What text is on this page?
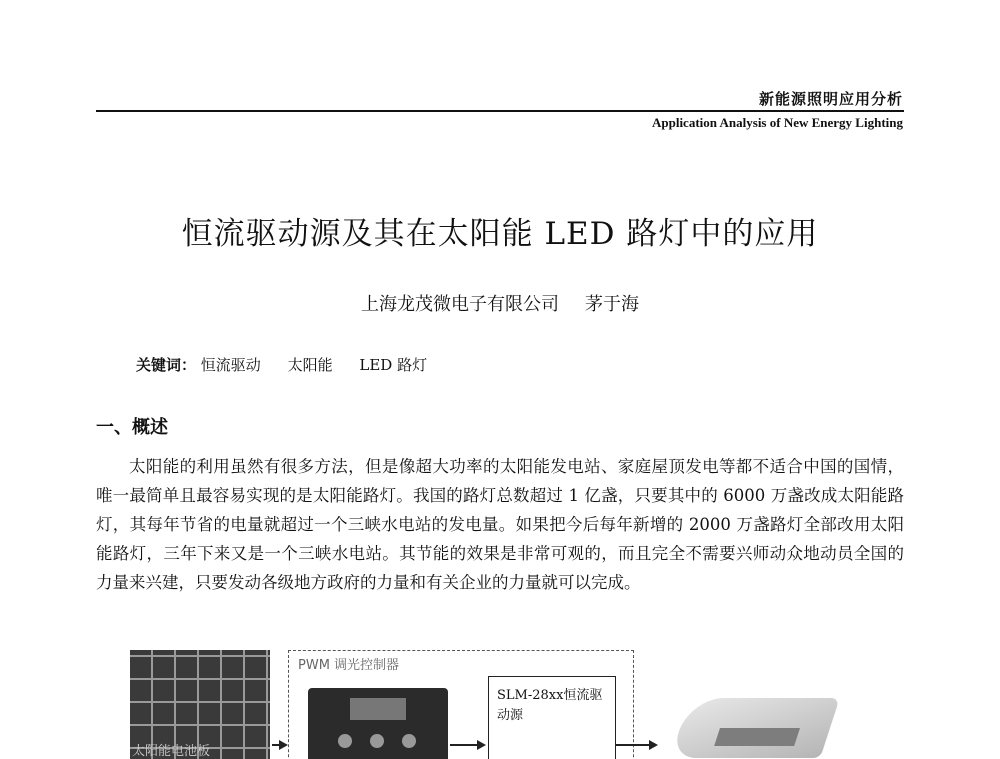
新能源照明应用分析
Application Analysis of New Energy Lighting
恒流驱动源及其在太阳能 LED 路灯中的应用
上海龙茂微电子有限公司 茅于海
关键词： 恒流驱动 太阳能 LED 路灯
一、概述

太阳能的利用虽然有很多方法，但是像超大功率的太阳能发电站、家庭屋顶发电等都不适合中国的国情，唯一最简单且最容易实现的是太阳能路灯。我国的路灯总数超过 1 亿盏，只要其中的 6000 万盏改成太阳能路灯，其每年节省的电量就超过一个三峡水电站的发电量。如果把今后每年新增的 2000 万盏路灯全部改用太阳能路灯，三年下来又是一个三峡水电站。其节能的效果是非常可观的，而且完全不需要兴师动众地动员全国的力量来兴建，只要发动各级地方政府的力量和有关企业的力量就可以完成。

太阳能电池板
PWM 调光控制器
SLM-28xx恒流驱动源
